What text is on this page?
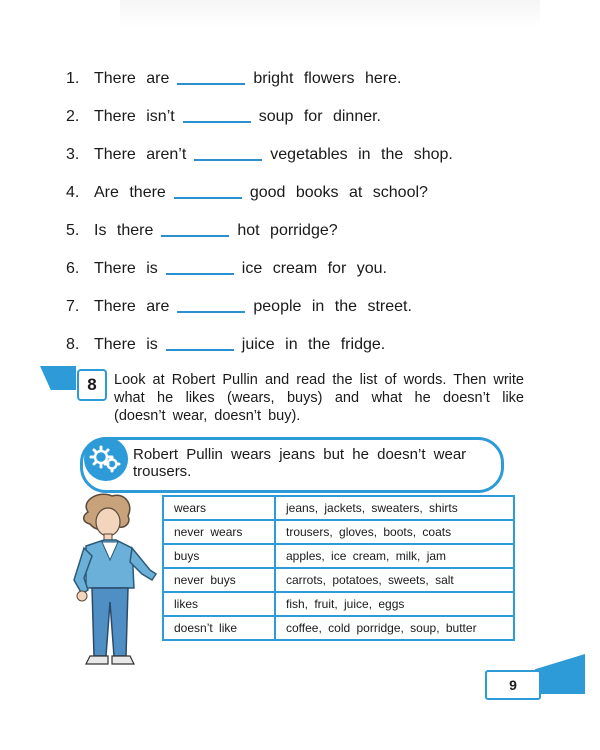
1. There are	bright flowers here.
2. There isn’t	soup for dinner.
3. There aren’t	vegetables in the shop.
4. Are there	good books at school?
5. Is there	hot porridge?
6. There is	ice cream for you.
7. There are	people in the street.
8. There is	juice in the fridge.
8	Look at Robert Pullin and read the list of words. Then write what he likes (wears, buys) and what he doesn’t like (doesn’t wear, doesn’t buy).
Robert Pullin wears jeans but he doesn’t wear trousers.
wears	jeans, jackets, sweaters, shirts
never wears	trousers, gloves, boots, coats
buys	apples, ice cream, milk, jam
never buys	carrots, potatoes, sweets, salt
likes	fish, fruit, juice, eggs
doesn’t like	coffee, cold porridge, soup, butter
9
